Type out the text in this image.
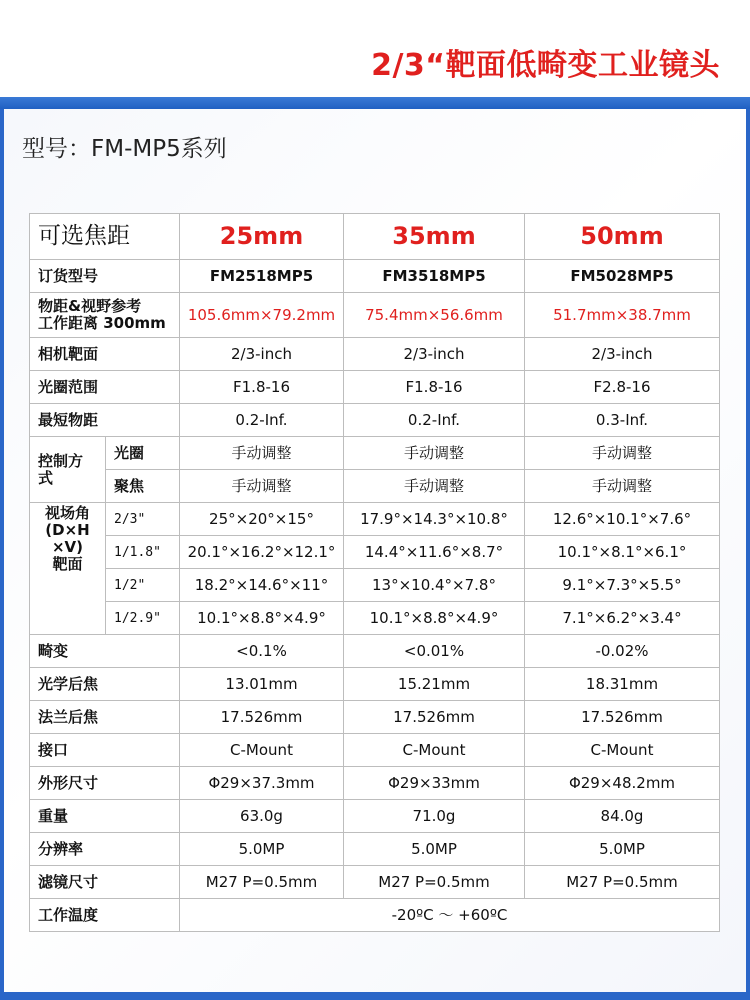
2/3“靶面低畸变工业镜头
型号：FM-MP5系列
可选焦距		25mm	35mm	50mm
订货型号		FM2518MP5	FM3518MP5	FM5028MP5

物距&视野参考
工作距离 300mm		105.6mm×79.2mm	75.4mm×56.6mm	51.7mm×38.7mm
相机靶面		2/3-inch	2/3-inch	2/3-inch
光圈范围		F1.8-16	F1.8-16	F2.8-16
最短物距		0.2-Inf.	0.2-Inf.	0.3-Inf.
控制方
式	光圈	手动调整	手动调整	手动调整
	聚焦	手动调整	手动调整	手动调整
视场角
(D×H
×V)
靶面	2/3"	25°×20°×15°	17.9°×14.3°×10.8°	12.6°×10.1°×7.6°
	1/1.8"	20.1°×16.2°×12.1°	14.4°×11.6°×8.7°	10.1°×8.1°×6.1°
	1/2"	18.2°×14.6°×11°	13°×10.4°×7.8°	9.1°×7.3°×5.5°
	1/2.9"	10.1°×8.8°×4.9°	10.1°×8.8°×4.9°	7.1°×6.2°×3.4°
畸变		<0.1%	<0.01%	-0.02%
光学后焦		13.01mm	15.21mm	18.31mm
法兰后焦		17.526mm	17.526mm	17.526mm
接口		C-Mount	C-Mount	C-Mount
外形尺寸		Φ29×37.3mm	Φ29×33mm	Φ29×48.2mm
重量		63.0g	71.0g	84.0g
分辨率		5.0MP	5.0MP	5.0MP
滤镜尺寸		M27 P=0.5mm	M27 P=0.5mm	M27 P=0.5mm
工作温度		-20ºC ～ +60ºC		
